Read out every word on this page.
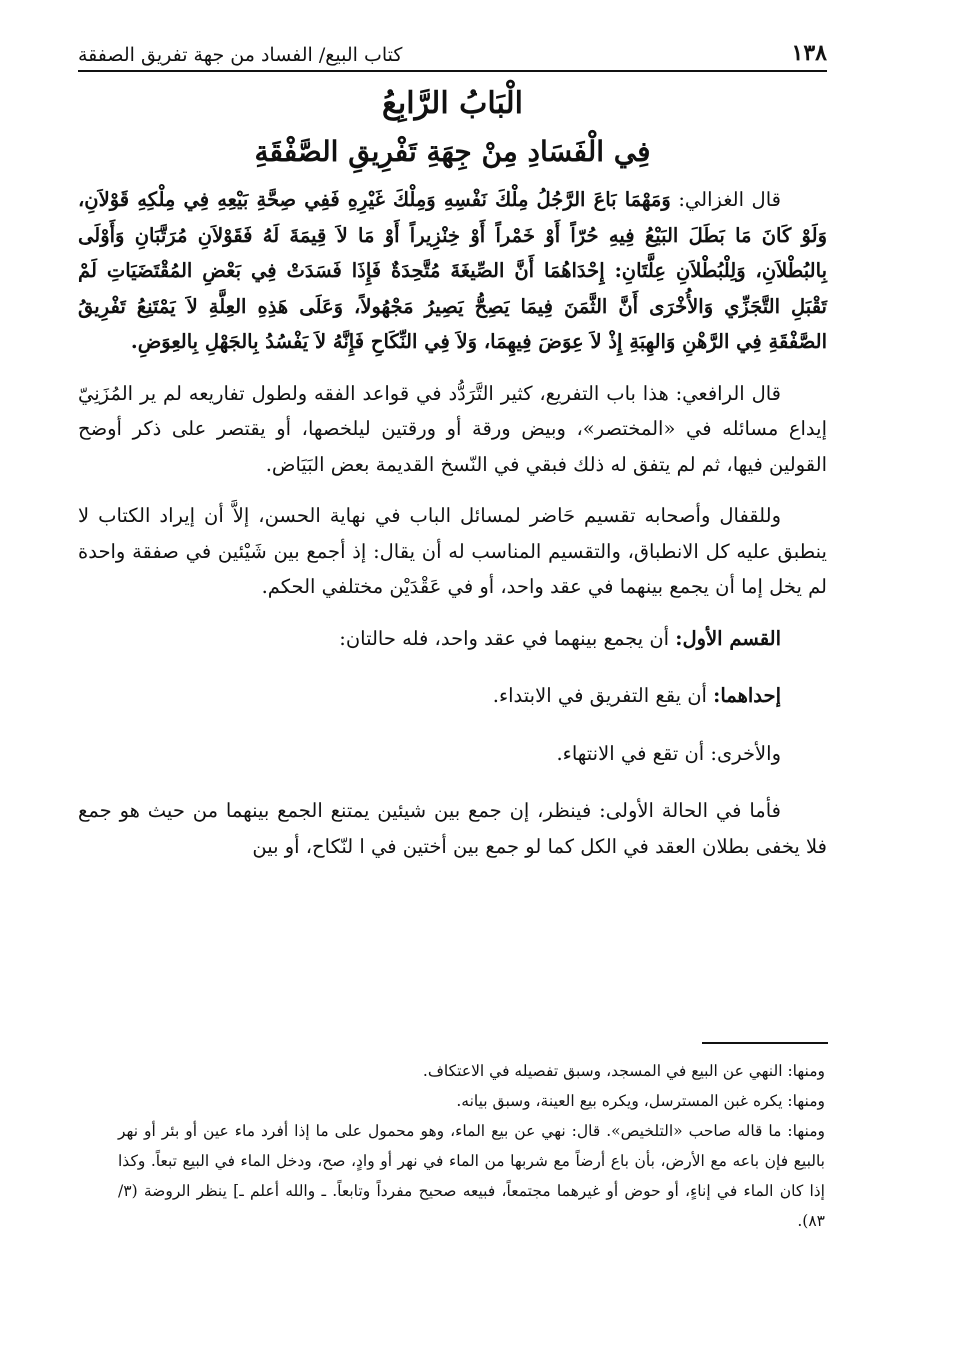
١٣٨
كتاب البيع/ الفساد من جهة تفريق الصفقة
الْبَابُ الرَّابِعُ
فِي الْفَسَادِ مِنْ جِهَةِ تَفْرِيقِ الصَّفْقَةِ

قال الغزالي: وَمَهْمَا بَاعَ الرَّجُلُ مِلْكَ نَفْسِهِ وَمِلْكَ غَيْرِهِ فَفِي صِحَّةِ بَيْعِهِ فِي مِلْكِهِ قَوْلاَنِ، وَلَوْ كَانَ مَا بَطَلَ البَيْعُ فِيهِ حُرّاً أَوْ خَمْراً أَوْ خِنْزِيراً أَوْ مَا لاَ قِيمَةَ لَهُ فَقَوْلاَنِ مُرَتَّبَانِ وَأَوْلَى بِالبُطْلاَنِ، وَلِلْبُطْلاَنِ عِلَّتَانِ: إِحْدَاهُمَا أَنَّ الصِّيغَةَ مُتَّحِدَةٌ فَإِذَا فَسَدَتْ فِي بَعْضِ المُقْتَضَيَاتِ لَمْ تَقْبَلِ التَّجَزِّي وَالأُخْرَى أَنَّ الثَّمَنَ فِيمَا يَصِحُّ يَصِيرُ مَجْهُولاً، وَعَلَى هَذِهِ العِلَّةِ لاَ يَمْتَنِعُ تَفْرِيقُ الصَّفْقَةِ فِي الرَّهْنِ وَالهِبَةِ إِذْ لاَ عِوَضَ فِيهِمَا، وَلاَ فِي النِّكَاحِ فَإِنَّهُ لاَ يَفْسُدُ بِالجَهْلِ بِالعِوَضِ.

قال الرافعي: هذا باب التفريع، كثير التَّرَدُّد في قواعد الفقه ولطول تفاريعه لم ير المُزَنِيّ إيداع مسائله في «المختصر»، وبيض ورقة أو ورقتين ليلخصها، أو يقتصر على ذكر أوضح القولين فيها، ثم لم يتفق له ذلك فبقي في النّسخ القديمة بعض البَيَاض.

وللقفال وأصحابه تقسيم حَاضر لمسائل الباب في نهاية الحسن، إلاَّ أن إيراد الكتاب لا ينطبق عليه كل الانطباق، والتقسيم المناسب له أن يقال: إذ أجمع بين شَيْئين في صفقة واحدة لم يخل إما أن يجمع بينهما في عقد واحد، أو في عَقْدَيْن مختلفي الحكم.

القسم الأول: أن يجمع بينهما في عقد واحد، فله حالتان:
إحداهما: أن يقع التفريق في الابتداء.
والأخرى: أن تقع في الانتهاء.

فأما في الحالة الأولى: فينظر، إن جمع بين شيئين يمتنع الجمع بينهما من حيث هو جمع فلا يخفى بطلان العقد في الكل كما لو جمع بين أختين في ا لنّكاح، أو بين

ومنها: النهي عن البيع في المسجد، وسبق تفصيله في الاعتكاف.

ومنها: يكره غبن المسترسل، ويكره بيع العينة، وسبق بيانه.

ومنها: ما قاله صاحب «التلخيص». قال: نهي عن بيع الماء، وهو محمول على ما إذا أفرد ماء عين أو بئر أو نهر بالبيع فإن باعه مع الأرض، بأن باع أرضاً مع شربها من الماء في نهر أو وادٍ، صح، ودخل الماء في البيع تبعاً. وكذا إذا كان الماء في إناءٍ، أو حوض أو غيرهما مجتمعاً، فبيعه صحيح مفرداً وتابعاً. ـ والله أعلم ـ] ينظر الروضة (٣/ ٨٣).
